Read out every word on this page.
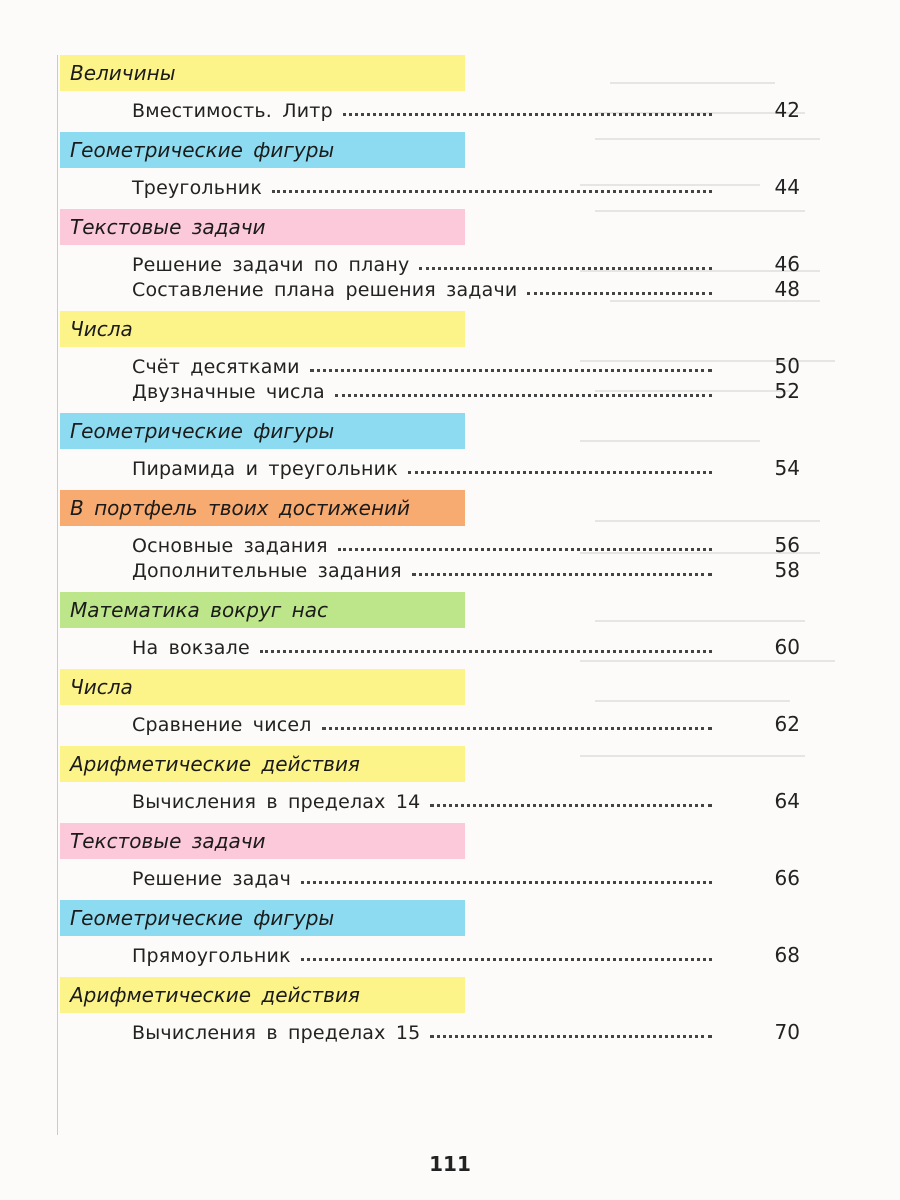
Величины
Вместимость. Литр	42
Геометрические фигуры
Треугольник	44
Текстовые задачи
Решение задачи по плану	46
Составление плана решения задачи	48
Числа
Счёт десятками	50
Двузначные числа	52
Геометрические фигуры
Пирамида и треугольник	54
В портфель твоих достижений
Основные задания	56
Дополнительные задания	58
Математика вокруг нас
На вокзале	60
Числа
Сравнение чисел	62
Арифметические действия
Вычисления в пределах 14	64
Текстовые задачи
Решение задач	66
Геометрические фигуры
Прямоугольник	68
Арифметические действия
Вычисления в пределах 15	70
111
